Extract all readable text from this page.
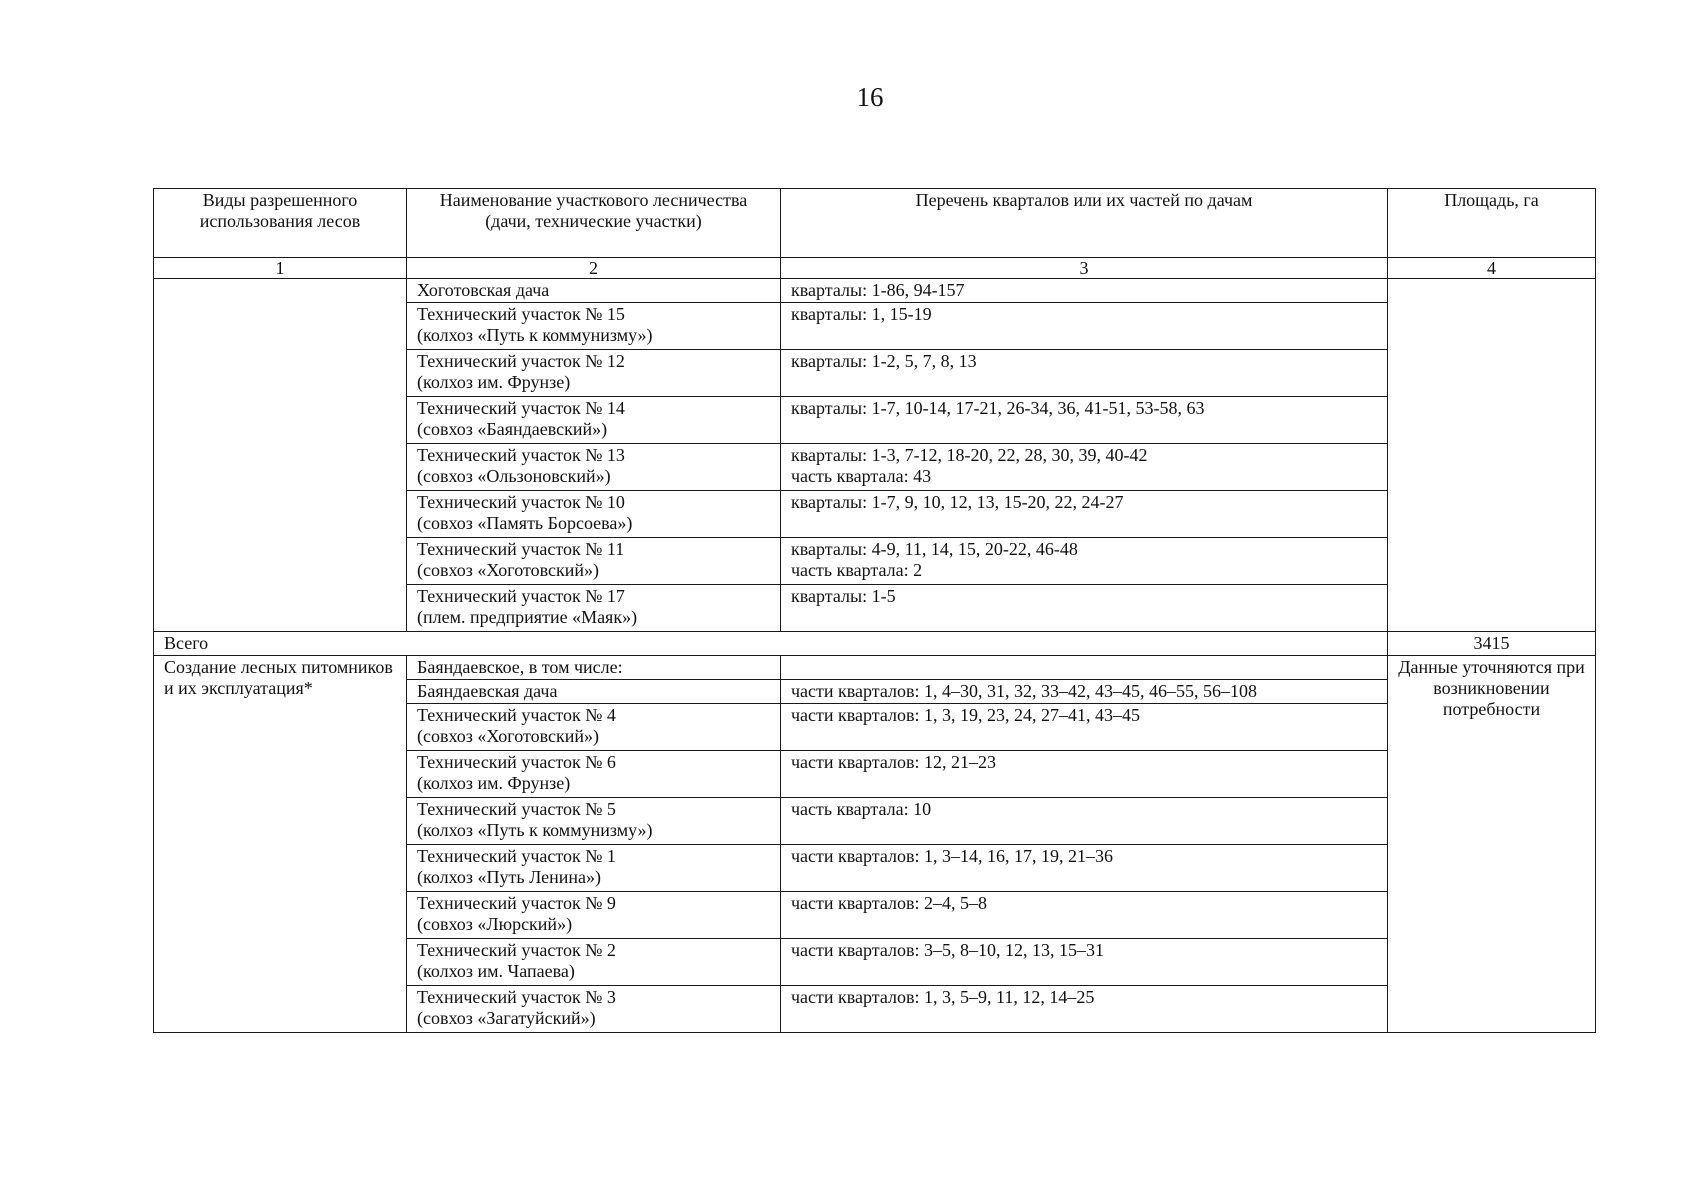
16
Виды разрешенного использования лесов	Наименование участкового лесничества (дачи, технические участки)	Перечень кварталов или их частей по дачам	Площадь, га
1	2	3	4

	Хоготовская дача	кварталы: 1-86, 94-157	

	Технический участок № 15
(колхоз «Путь к коммунизму»)	кварталы: 1, 15-19	

	Технический участок № 12
(колхоз им. Фрунзе)	кварталы: 1-2, 5, 7, 8, 13	

	Технический участок № 14
(совхоз «Баяндаевский»)	кварталы: 1-7, 10-14, 17-21, 26-34, 36, 41-51, 53-58, 63	

	Технический участок № 13
(совхоз «Ользоновский»)	кварталы: 1-3, 7-12, 18-20, 22, 28, 30, 39, 40-42
часть квартала: 43	

	Технический участок № 10
(совхоз «Память Борсоева»)	кварталы: 1-7, 9, 10, 12, 13, 15-20, 22, 24-27	

	Технический участок № 11
(совхоз «Хоготовский»)	кварталы: 4-9, 11, 14, 15, 20-22, 46-48
часть квартала: 2	

	Технический участок № 17
(плем. предприятие «Маяк»)	кварталы: 1-5	

Всего			3415
Создание лесных питомников и их эксплуатация*	Баяндаевское, в том числе:		Данные уточняются при возникновении потребности

	Баяндаевская дача	части кварталов: 1, 4–30, 31, 32, 33–42, 43–45, 46–55, 56–108	

	Технический участок № 4
(совхоз «Хоготовский»)	части кварталов: 1, 3, 19, 23, 24, 27–41, 43–45	

	Технический участок № 6
(колхоз им. Фрунзе)	части кварталов: 12, 21–23	

	Технический участок № 5
(колхоз «Путь к коммунизму»)	часть квартала: 10	

	Технический участок № 1
(колхоз «Путь Ленина»)	части кварталов: 1, 3–14, 16, 17, 19, 21–36	

	Технический участок № 9
(совхоз «Люрский»)	части кварталов: 2–4, 5–8	

	Технический участок № 2
(колхоз им. Чапаева)	части кварталов: 3–5, 8–10, 12, 13, 15–31	

	Технический участок № 3
(совхоз «Загатуйский»)	части кварталов: 1, 3, 5–9, 11, 12, 14–25	
